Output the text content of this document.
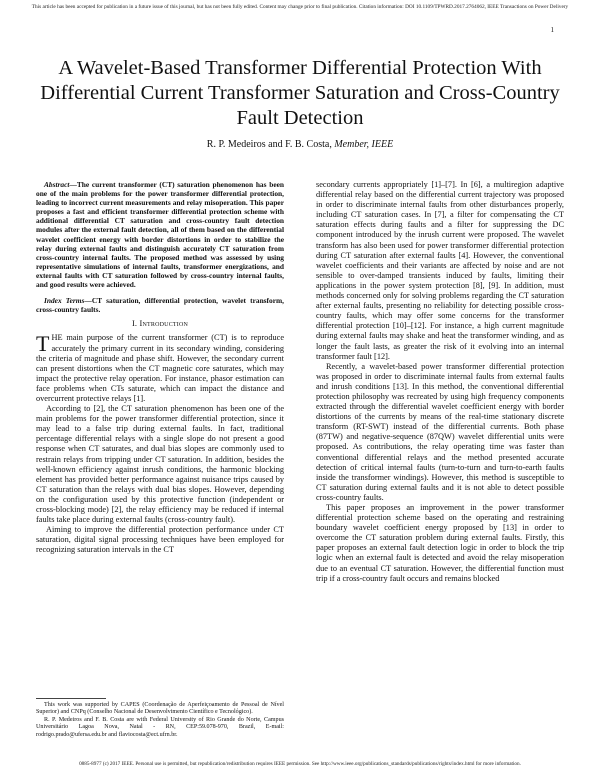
This article has been accepted for publication in a future issue of this journal, but has not been fully edited. Content may change prior to final publication. Citation information: DOI 10.1109/TPWRD.2017.2764062, IEEE Transactions on Power Delivery
1
A Wavelet-Based Transformer Differential Protection With Differential Current Transformer Saturation and Cross-Country Fault Detection
R. P. Medeiros and F. B. Costa, Member, IEEE
Abstract—The current transformer (CT) saturation phenomenon has been one of the main problems for the power transformer differential protection, leading to incorrect current measurements and relay misoperation. This paper proposes a fast and efficient transformer differential protection scheme with additional differential CT saturation and cross-country fault detection modules after the external fault detection, all of them based on the differential wavelet coefficient energy with border distortions in order to stabilize the relay during external faults and distinguish accurately CT saturation from cross-country internal faults. The proposed method was assessed by using representative simulations of internal faults, transformer energizations, and external faults with CT saturation followed by cross-country internal faults, and good results were achieved.
Index Terms—CT saturation, differential protection, wavelet transform, cross-country faults.
I. Introduction

THE main purpose of the current transformer (CT) is to reproduce accurately the primary current in its secondary winding, considering the criteria of magnitude and phase shift. However, the secondary current can present distortions when the CT magnetic core saturates, which may impact the protective relay operation. For instance, phasor estimation can face problems when CTs saturate, which can impact the distance and overcurrent protective relays [1].

According to [2], the CT saturation phenomenon has been one of the main problems for the power transformer differential protection, since it may lead to a false trip during external faults. In fact, traditional percentage differential relays with a single slope do not present a good response when CT saturates, and dual bias slopes are commonly used to restrain relays from tripping under CT saturation. In addition, besides the well-known efficiency against inrush conditions, the harmonic blocking element has provided better performance against nuisance trips caused by CT saturation than the relays with dual bias slopes. However, depending on the configuration used by this protective function (independent or cross-blocking mode) [2], the relay efficiency may be reduced if internal faults take place during external faults (cross-country fault).

Aiming to improve the differential protection performance under CT saturation, digital signal processing techniques have been employed for recognizing saturation intervals in the CT

This work was supported by CAPES (Coordenação de Aperfeiçoamento de Pessoal de Nível Superior) and CNPq (Conselho Nacional de Desenvolvimento Científico e Tecnológico).

R. P. Medeiros and F. B. Costa are with Federal University of Rio Grande do Norte, Campus Universitário Lagoa Nova, Natal - RN, CEP:59.078-970, Brazil, E-mail: rodrigo.prado@ufersa.edu.br and flaviocosta@ect.ufrn.br.

secondary currents appropriately [1]–[7]. In [6], a multiregion adaptive differential relay based on the differential current trajectory was proposed in order to discriminate internal faults from other disturbances properly, including CT saturation cases. In [7], a filter for compensating the CT saturation effects during faults and a filter for suppressing the DC component introduced by the inrush current were proposed. The wavelet transform has also been used for power transformer differential protection during CT saturation after external faults [4]. However, the conventional wavelet coefficients and their variants are affected by noise and are not sensible to over-damped transients induced by faults, limiting their applications in the power system protection [8], [9]. In addition, must methods concerned only for solving problems regarding the CT saturation after external faults, presenting no reliability for detecting possible cross-country faults, which may offer some concerns for the transformer differential protection [10]–[12]. For instance, a high current magnitude during external faults may shake and heat the transformer winding, and as longer the fault lasts, as greater the risk of it evolving into an internal transformer fault [12].

Recently, a wavelet-based power transformer differential protection was proposed in order to discriminate internal faults from external faults and inrush conditions [13]. In this method, the conventional differential protection philosophy was recreated by using high frequency components extracted through the differential wavelet coefficient energy with border distortions of the currents by means of the real-time stationary discrete transform (RT-SWT) instead of the differential currents. Both phase (87TW) and negative-sequence (87QW) wavelet differential units were proposed. As contributions, the relay operating time was faster than conventional differential relays and the method presented accurate detection of critical internal faults (turn-to-turn and turn-to-earth faults inside the transformer windings). However, this method is susceptible to CT saturation during external faults and it is not able to detect possible cross-country faults.

This paper proposes an improvement in the power transformer differential protection scheme based on the operating and restraining boundary wavelet coefficient energy proposed by [13] in order to overcome the CT saturation problem during external faults. Firstly, this paper proposes an external fault detection logic in order to block the trip logic when an external fault is detected and avoid the relay misoperation due to an eventual CT saturation. However, the differential function must trip if a cross-country fault occurs and remains blocked

0885-8977 (c) 2017 IEEE. Personal use is permitted, but republication/redistribution requires IEEE permission. See http://www.ieee.org/publications_standards/publications/rights/index.html for more information.
